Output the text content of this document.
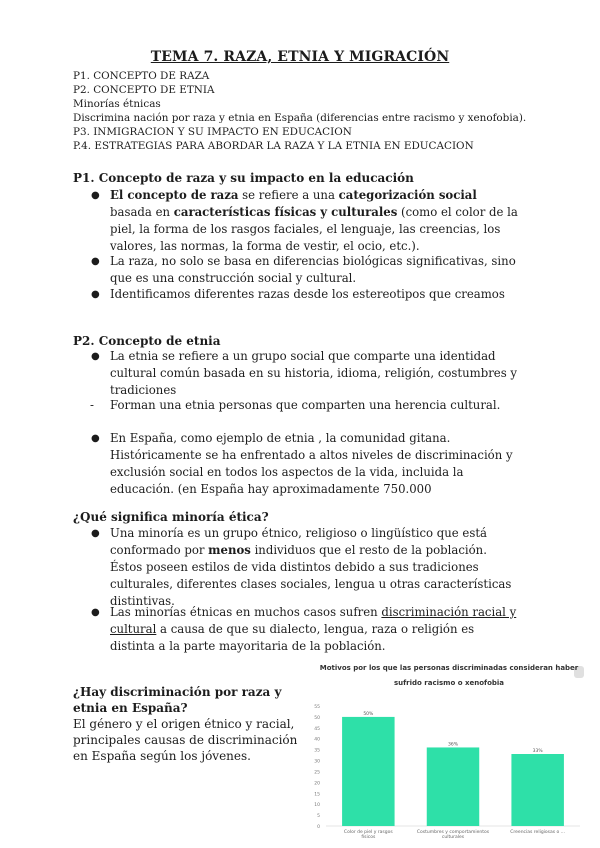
TEMA 7. RAZA, ETNIA Y MIGRACIÓN
P1. CONCEPTO DE RAZA
P2. CONCEPTO DE ETNIA
Minorías étnicas
Discrimina nación por raza y etnia en España (diferencias entre racismo y xenofobia).
P3. INMIGRACION Y SU IMPACTO EN EDUCACION
P.4. ESTRATEGIAS PARA ABORDAR LA RAZA Y LA ETNIA EN EDUCACION
P1. Concepto de raza y su impacto en la educación
● El concepto de raza se refiere a una categorización social basada en características físicas y culturales (como el color de la piel, la forma de los rasgos faciales, el lenguaje, las creencias, los valores, las normas, la forma de vestir, el ocio, etc.).
● La raza, no solo se basa en diferencias biológicas significativas, sino que es una construcción social y cultural.
● Identificamos diferentes razas desde los estereotipos que creamos
P2. Concepto de etnia
● La etnia se refiere a un grupo social que comparte una identidad cultural común basada en su historia, idioma, religión, costumbres y tradiciones
- Forman una etnia personas que comparten una herencia cultural.
● En España, como ejemplo de etnia , la comunidad gitana. Históricamente se ha enfrentado a altos niveles de discriminación y exclusión social en todos los aspectos de la vida, incluida la educación. (en España hay aproximadamente 750.000
¿Qué significa minoría ética?
● Una minoría es un grupo étnico, religioso o lingüístico que está conformado por menos individuos que el resto de la población. Éstos poseen estilos de vida distintos debido a sus tradiciones culturales, diferentes clases sociales, lengua u otras características distintivas.
● Las minorías étnicas en muchos casos sufren discriminación racial y cultural a causa de que su dialecto, lengua, raza o religión es distinta a la parte mayoritaria de la población.
¿Hay discriminación por raza y etnia en España?
El género y el origen étnico y racial, principales causas de discriminación en España según los jóvenes.
Motivos por los que las personas discriminadas consideran haber sufrido racismo o xenofobia
0
5
10
15
20
25
30
35
40
45
50
55
50%
Color de piel y rasgos
físicos
36%
Costumbres y comportamientos
culturales
33%
Creencias religiosas o ...
